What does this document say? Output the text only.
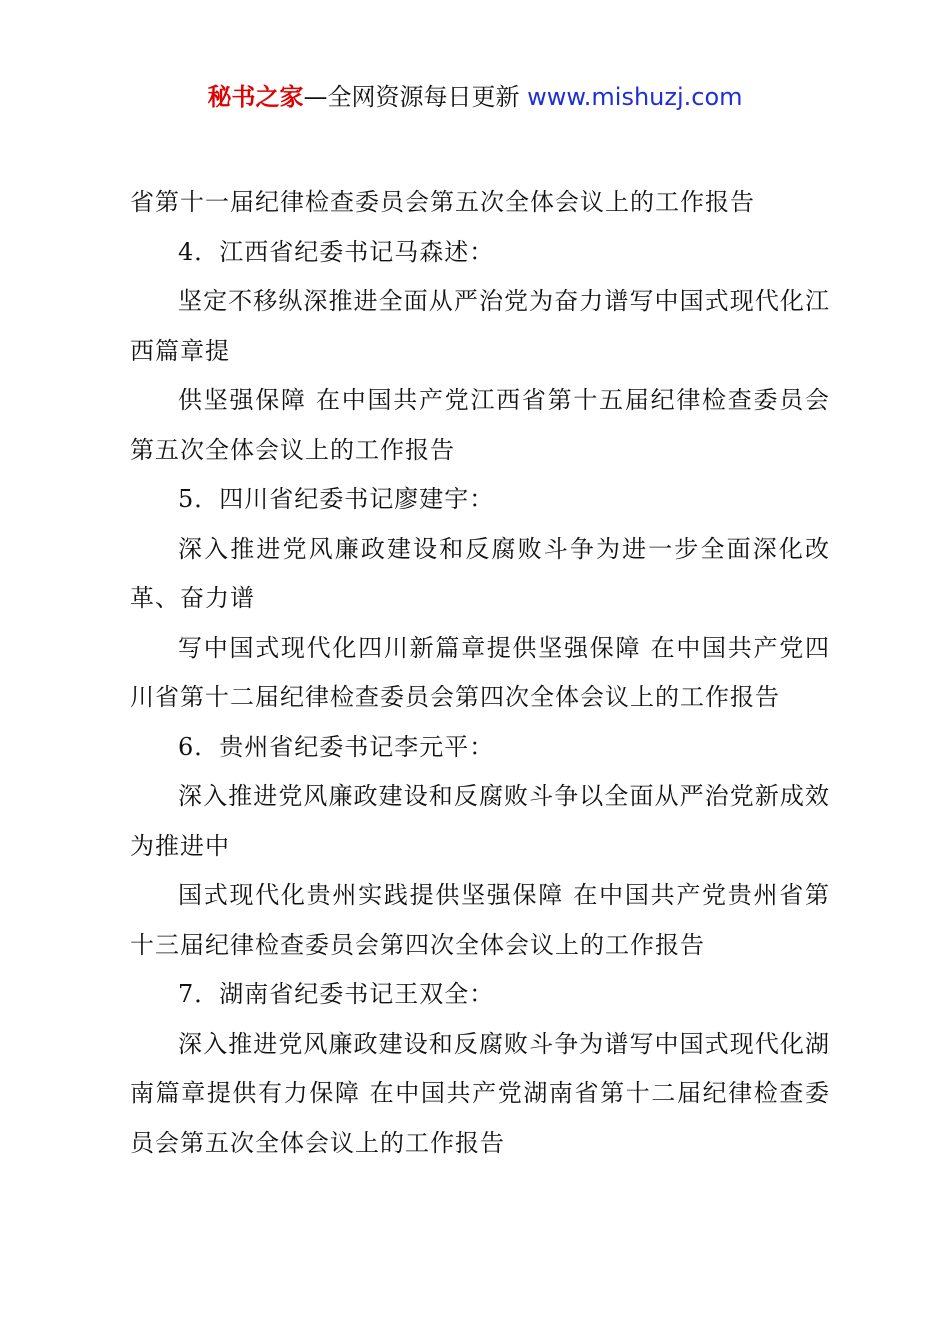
秘书之家—全网资源每日更新 www.mishuzj.com

省第十一届纪律检查委员会第五次全体会议上的工作报告

4．江西省纪委书记马森述：

坚定不移纵深推进全面从严治党为奋力谱写中国式现代化江西篇章提

供坚强保障 在中国共产党江西省第十五届纪律检查委员会第五次全体会议上的工作报告

5．四川省纪委书记廖建宇：

深入推进党风廉政建设和反腐败斗争为进一步全面深化改革、奋力谱

写中国式现代化四川新篇章提供坚强保障 在中国共产党四川省第十二届纪律检查委员会第四次全体会议上的工作报告

6．贵州省纪委书记李元平：

深入推进党风廉政建设和反腐败斗争以全面从严治党新成效为推进中

国式现代化贵州实践提供坚强保障 在中国共产党贵州省第十三届纪律检查委员会第四次全体会议上的工作报告

7．湖南省纪委书记王双全：

深入推进党风廉政建设和反腐败斗争为谱写中国式现代化湖南篇章提供有力保障 在中国共产党湖南省第十二届纪律检查委员会第五次全体会议上的工作报告
